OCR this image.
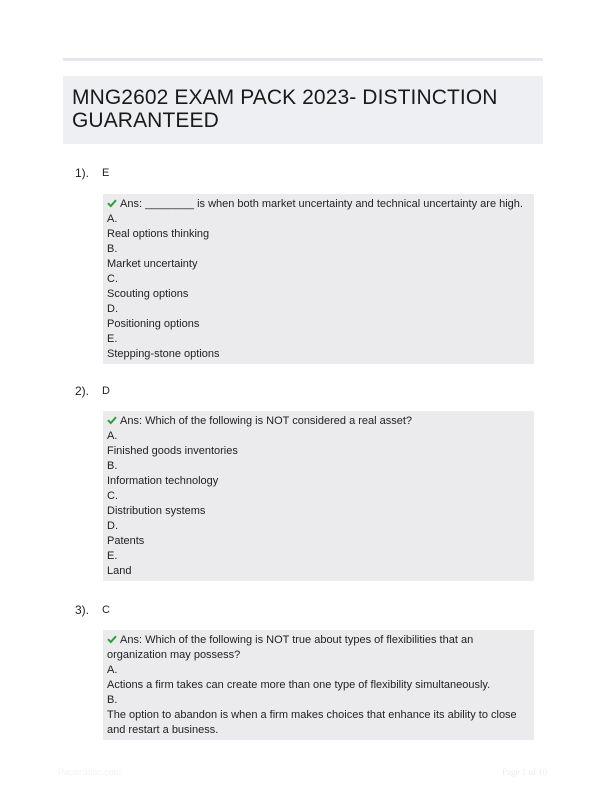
MNG2602 EXAM PACK 2023- DISTINCTION GUARANTEED
1). E
Ans: ________ is when both market uncertainty and technical uncertainty are high.
A.
Real options thinking
B.
Market uncertainty
C.
Scouting options
D.
Positioning options
E.
Stepping-stone options
2). D
Ans: Which of the following is NOT considered a real asset?
A.
Finished goods inventories
B.
Information technology
C.
Distribution systems
D.
Patents
E.
Land
3). C
Ans: Which of the following is NOT true about types of flexibilities that an organization may possess?
A.
Actions a firm takes can create more than one type of flexibility simultaneously.
B.
The option to abandon is when a firm makes choices that enhance its ability to close and restart a business.
PaperStitic.com	Page 1 of 10
